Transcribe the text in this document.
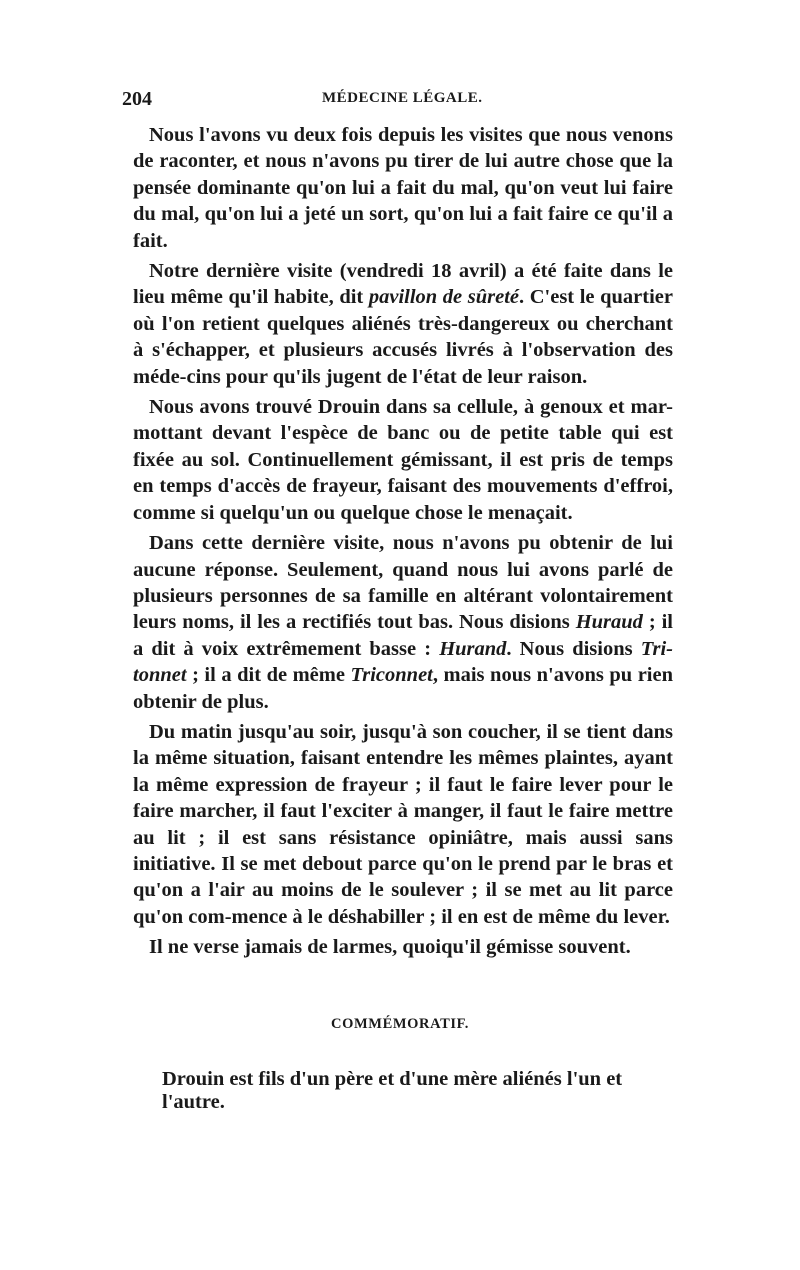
204	MÉDECINE LÉGALE.

Nous l'avons vu deux fois depuis les visites que nous venons de raconter, et nous n'avons pu tirer de lui autre chose que la pensée dominante qu'on lui a fait du mal, qu'on veut lui faire du mal, qu'on lui a jeté un sort, qu'on lui a fait faire ce qu'il a fait.

Notre dernière visite (vendredi 18 avril) a été faite dans le lieu même qu'il habite, dit pavillon de sûreté. C'est le quartier où l'on retient quelques aliénés très-dangereux ou cherchant à s'échapper, et plusieurs accusés livrés à l'observation des méde-cins pour qu'ils jugent de l'état de leur raison.

Nous avons trouvé Drouin dans sa cellule, à genoux et mar-mottant devant l'espèce de banc ou de petite table qui est fixée au sol. Continuellement gémissant, il est pris de temps en temps d'accès de frayeur, faisant des mouvements d'effroi, comme si quelqu'un ou quelque chose le menaçait.

Dans cette dernière visite, nous n'avons pu obtenir de lui aucune réponse. Seulement, quand nous lui avons parlé de plusieurs personnes de sa famille en altérant volontairement leurs noms, il les a rectifiés tout bas. Nous disions Huraud ; il a dit à voix extrêmement basse : Hurand. Nous disions Tri-tonnet ; il a dit de même Triconnet, mais nous n'avons pu rien obtenir de plus.

Du matin jusqu'au soir, jusqu'à son coucher, il se tient dans la même situation, faisant entendre les mêmes plaintes, ayant la même expression de frayeur ; il faut le faire lever pour le faire marcher, il faut l'exciter à manger, il faut le faire mettre au lit ; il est sans résistance opiniâtre, mais aussi sans initiative. Il se met debout parce qu'on le prend par le bras et qu'on a l'air au moins de le soulever ; il se met au lit parce qu'on com-mence à le déshabiller ; il en est de même du lever.

Il ne verse jamais de larmes, quoiqu'il gémisse souvent.

COMMÉMORATIF.

Drouin est fils d'un père et d'une mère aliénés l'un et l'autre.
